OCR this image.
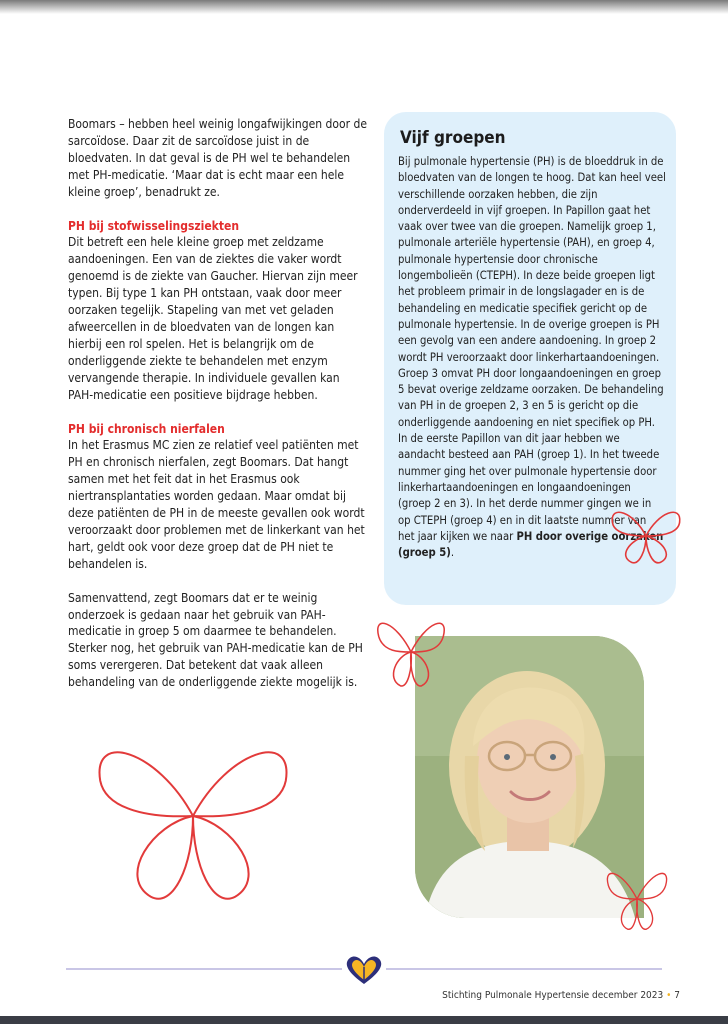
Boomars – hebben heel weinig longafwijkingen door de sarcoïdose. Daar zit de sarcoïdose juist in de bloedvaten. In dat geval is de PH wel te behandelen met PH-medicatie. ‘Maar dat is echt maar een hele kleine groep’, benadrukt ze.

PH bij stofwisselingsziekten

Dit betreft een hele kleine groep met zeldzame aandoeningen. Een van de ziektes die vaker wordt genoemd is de ziekte van Gaucher. Hiervan zijn meer typen. Bij type 1 kan PH ontstaan, vaak door meer oorzaken tegelijk. Stapeling van met vet geladen afweercellen in de bloedvaten van de longen kan hierbij een rol spelen. Het is belangrijk om de onderliggende ziekte te behandelen met enzym vervangende therapie. In individuele gevallen kan PAH-medicatie een positieve bijdrage hebben.

PH bij chronisch nierfalen

In het Erasmus MC zien ze relatief veel patiënten met PH en chronisch nierfalen, zegt Boomars. Dat hangt samen met het feit dat in het Erasmus ook niertransplantaties worden gedaan. Maar omdat bij deze patiënten de PH in de meeste gevallen ook wordt veroorzaakt door problemen met de linkerkant van het hart, geldt ook voor deze groep dat de PH niet te behandelen is.

Samenvattend, zegt Boomars dat er te weinig onderzoek is gedaan naar het gebruik van PAH-medicatie in groep 5 om daarmee te behandelen. Sterker nog, het gebruik van PAH-medicatie kan de PH soms verergeren. Dat betekent dat vaak alleen behandeling van de onderliggende ziekte mogelijk is.

Vijf groepen

Bij pulmonale hypertensie (PH) is de bloeddruk in de bloedvaten van de longen te hoog. Dat kan heel veel verschillende oorzaken hebben, die zijn onderverdeeld in vijf groepen. In Papillon gaat het vaak over twee van die groepen. Namelijk groep 1, pulmonale arteriële hypertensie (PAH), en groep 4, pulmonale hypertensie door chronische longembolieën (CTEPH). In deze beide groepen ligt het probleem primair in de longslagader en is de behandeling en medicatie specifiek gericht op de pulmonale hypertensie. In de overige groepen is PH een gevolg van een andere aandoening. In groep 2 wordt PH veroorzaakt door linkerhartaandoeningen. Groep 3 omvat PH door longaandoeningen en groep 5 bevat overige zeldzame oorzaken. De behandeling van PH in de groepen 2, 3 en 5 is gericht op die onderliggende aandoening en niet specifiek op PH.

In de eerste Papillon van dit jaar hebben we aandacht besteed aan PAH (groep 1). In het tweede nummer ging het over pulmonale hypertensie door linkerhartaandoeningen en longaandoeningen (groep 2 en 3). In het derde nummer gingen we in op CTEPH (groep 4) en in dit laatste nummer van het jaar kijken we naar PH door overige oorzaken (groep 5).

Stichting Pulmonale Hypertensie december 2023 • 7
